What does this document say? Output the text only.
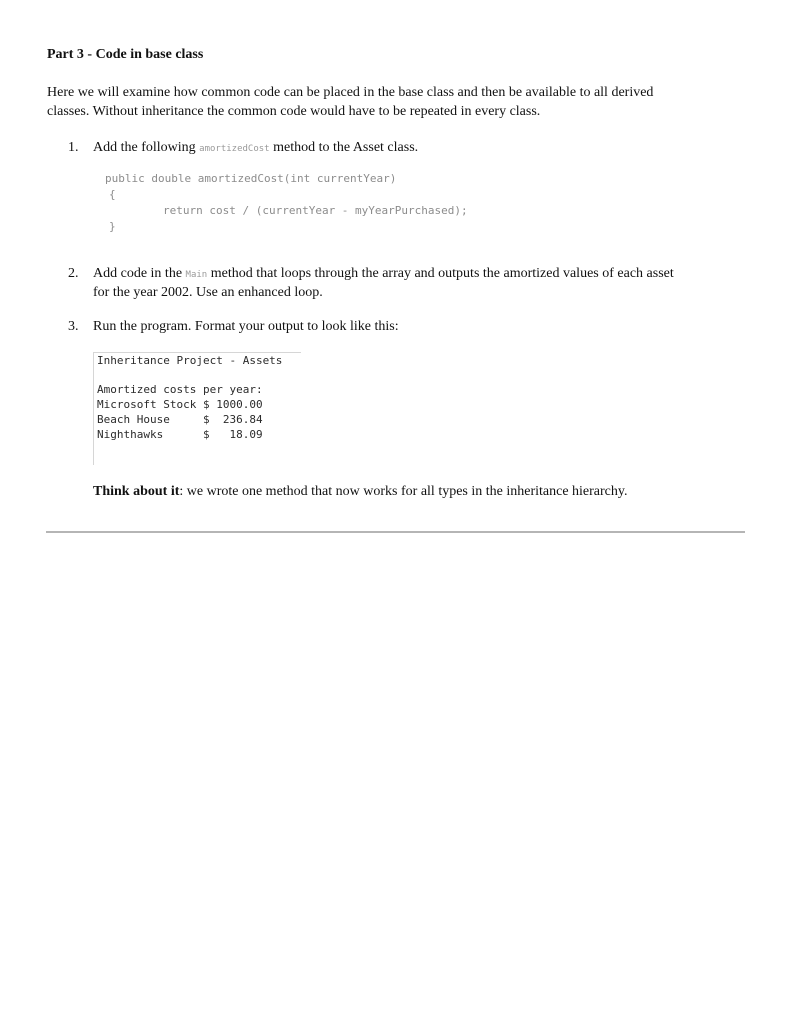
Part 3 - Code in base class
Here we will examine how common code can be placed in the base class and then be available to all derived
classes. Without inheritance the common code would have to be repeated in every class.
1. Add the following amortizedCost method to the Asset class.
public double amortizedCost(int currentYear)
{
return cost / (currentYear - myYearPurchased);
}
2. Add code in the Main method that loops through the array and outputs the amortized values of each asset
for the year 2002. Use an enhanced loop.
3. Run the program. Format your output to look like this:
Inheritance Project - Assets
Amortized costs per year:
Microsoft Stock $ 1000.00
Beach House     $  236.84
Nighthawks      $   18.09
Think about it: we wrote one method that now works for all types in the inheritance hierarchy.
